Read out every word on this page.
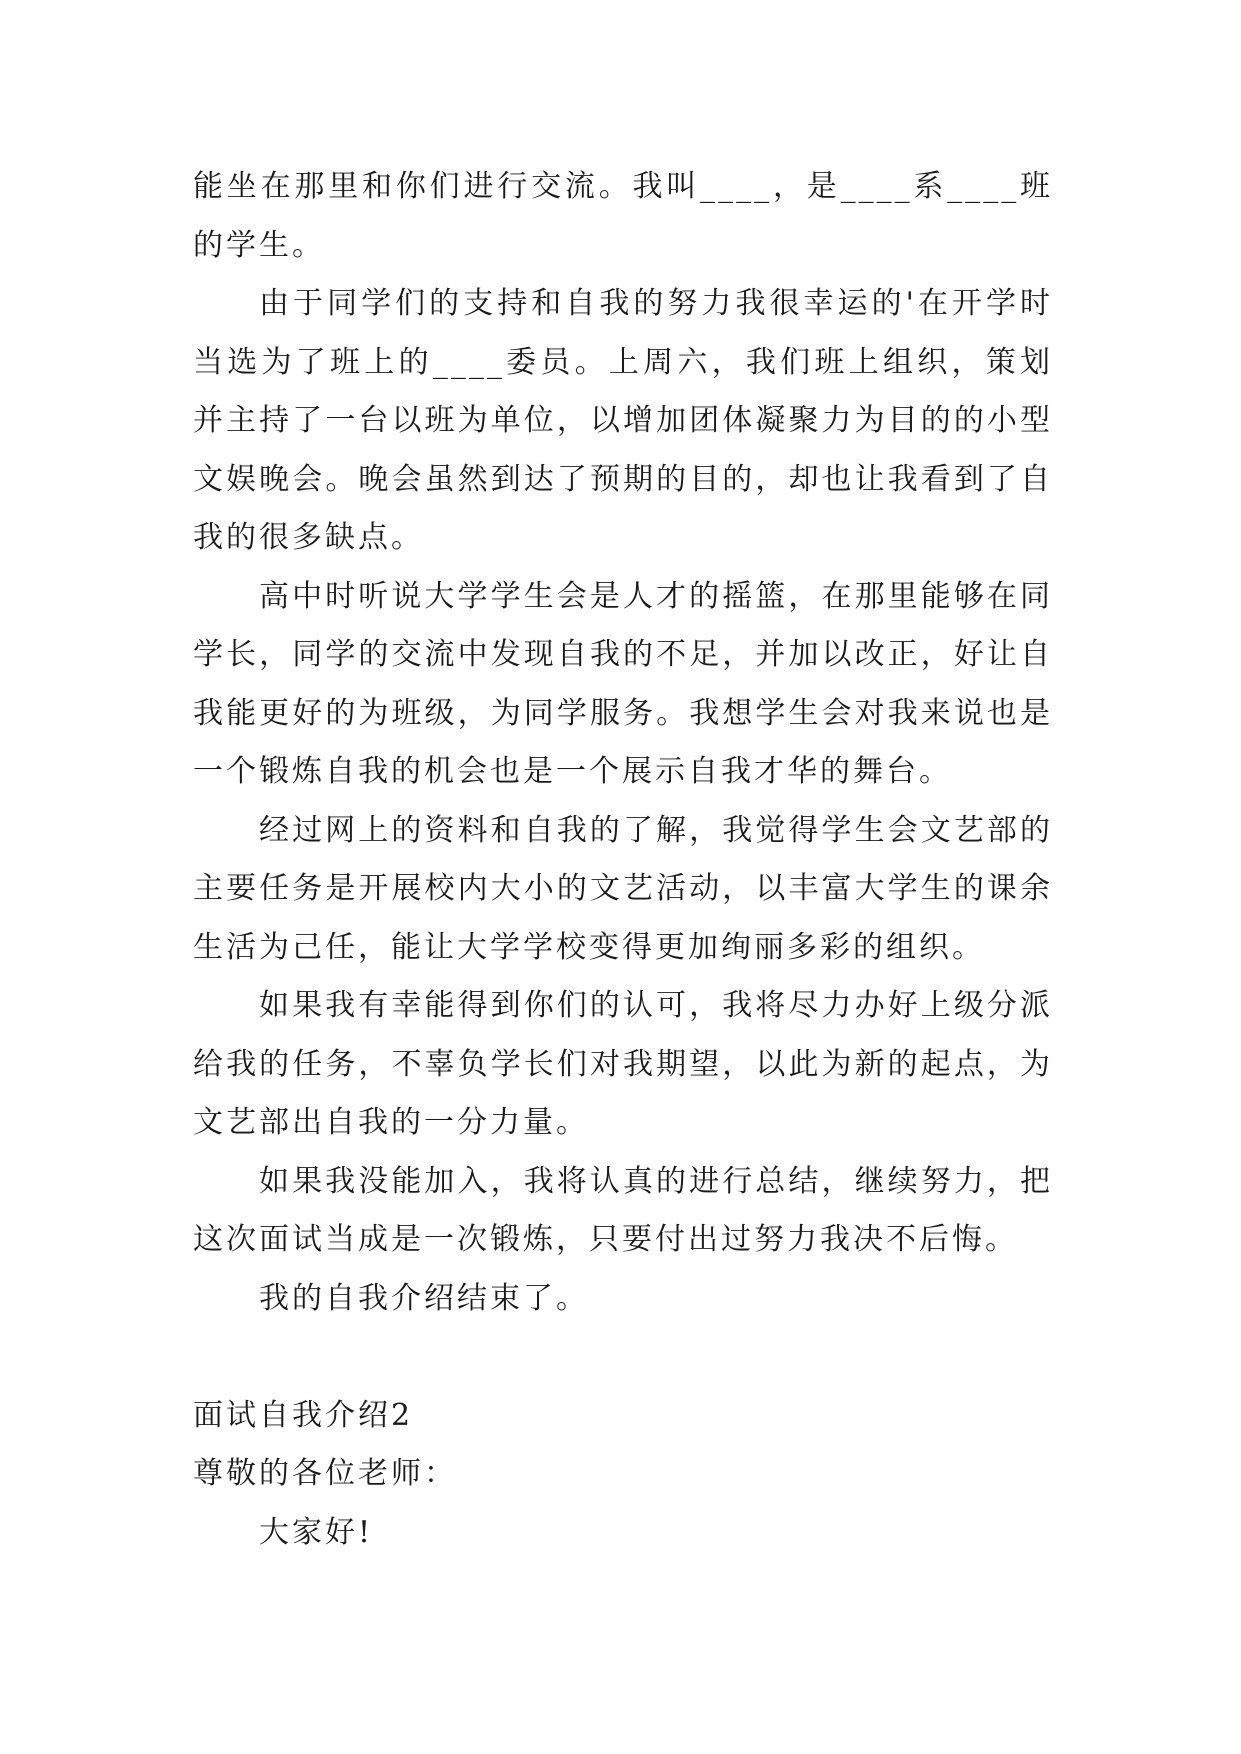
能坐在那里和你们进行交流。我叫____，是____系____班的学生。

由于同学们的支持和自我的努力我很幸运的'在开学时当选为了班上的____委员。上周六，我们班上组织，策划并主持了一台以班为单位，以增加团体凝聚力为目的的小型文娱晚会。晚会虽然到达了预期的目的，却也让我看到了自我的很多缺点。

高中时听说大学学生会是人才的摇篮，在那里能够在同学长，同学的交流中发现自我的不足，并加以改正，好让自我能更好的为班级，为同学服务。我想学生会对我来说也是一个锻炼自我的机会也是一个展示自我才华的舞台。

经过网上的资料和自我的了解，我觉得学生会文艺部的主要任务是开展校内大小的文艺活动，以丰富大学生的课余生活为己任，能让大学学校变得更加绚丽多彩的组织。

如果我有幸能得到你们的认可，我将尽力办好上级分派给我的任务，不辜负学长们对我期望，以此为新的起点，为文艺部出自我的一分力量。

如果我没能加入，我将认真的进行总结，继续努力，把这次面试当成是一次锻炼，只要付出过努力我决不后悔。

我的自我介绍结束了。

面试自我介绍2

尊敬的各位老师：

大家好!
